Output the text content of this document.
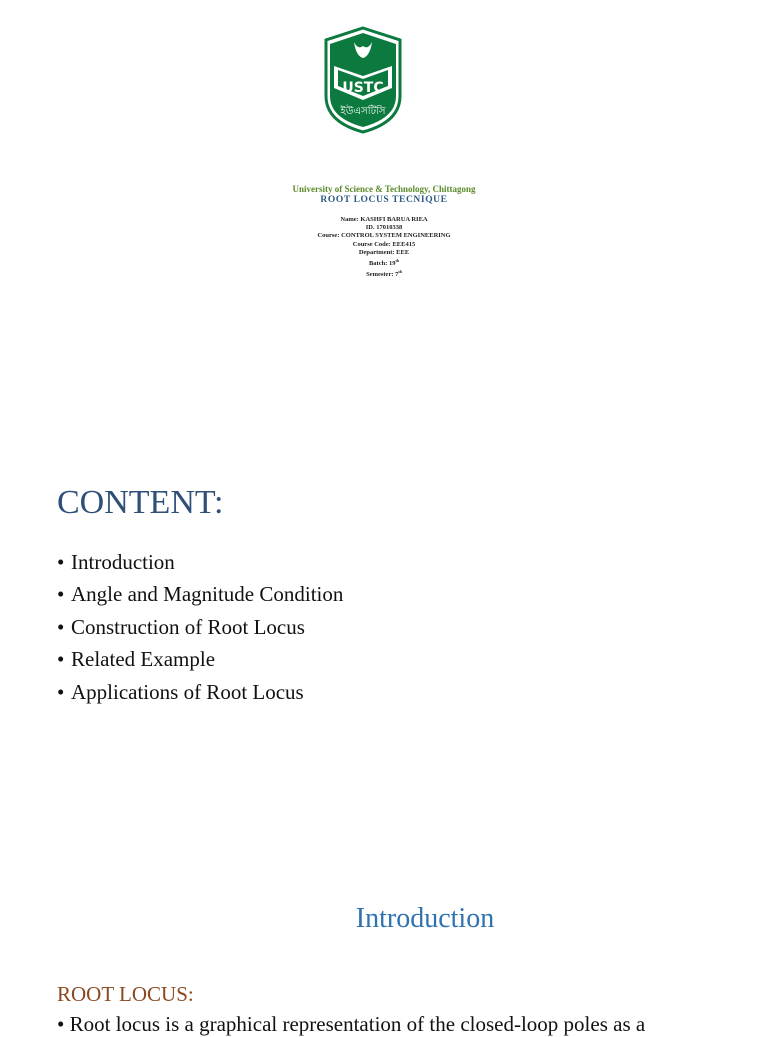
USTC
ইউএসটিসি
University of Science & Technology, Chittagong
ROOT LOCUS TECNIQUE
Name: KASHFI BARUA RIEA
ID. 17010338
Course: CONTROL SYSTEM ENGINEERING
Course Code: EEE415
Department: EEE
Batch: 19th
Semester: 7th
CONTENT:
• Introduction
• Angle and Magnitude Condition
• Construction of Root Locus
• Related Example
• Applications of Root Locus
Introduction
ROOT LOCUS:
• Root locus is a graphical representation of the closed-loop poles as a
